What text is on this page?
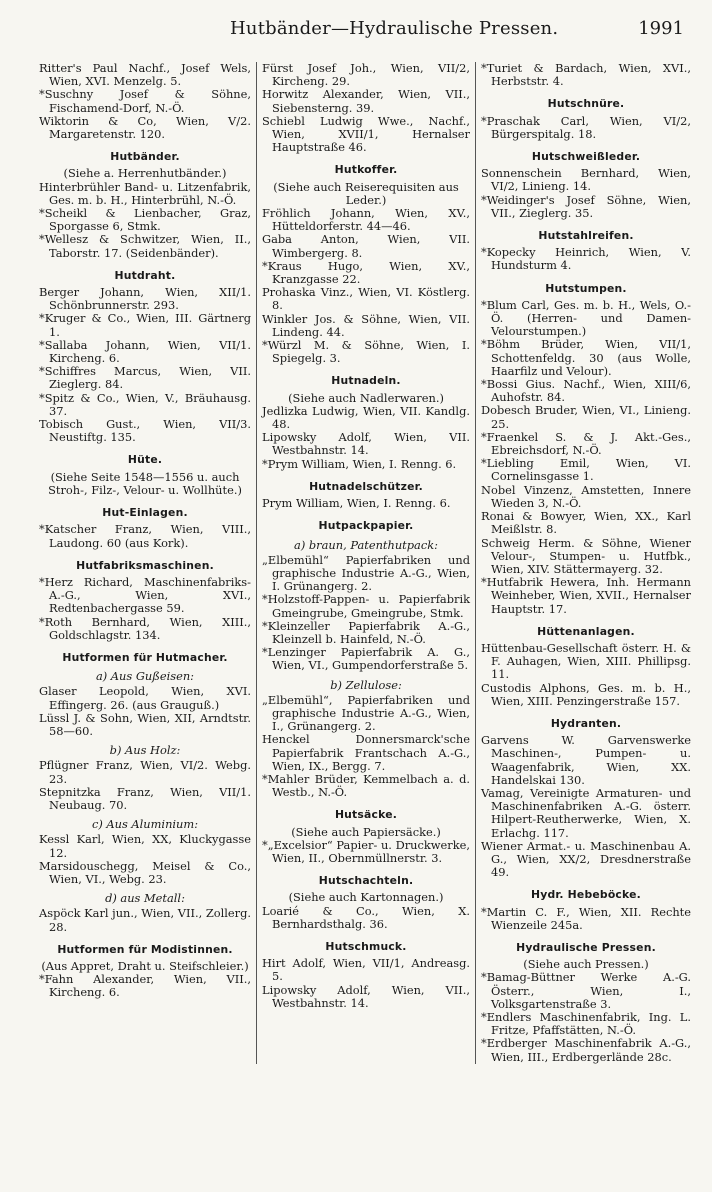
Hutbänder—Hydraulische Pressen.	1991
Ritter's Paul Nachf., Josef Wels, Wien, XVI. Menzelg. 5.
*Suschny Josef & Söhne, Fischamend-Dorf, N.-Ö.
Wiktorin & Co, Wien, V/2. Margaretenstr. 120.
Hutbänder.
(Siehe a. Herrenhutbänder.)
Hinterbrühler Band- u. Litzenfabrik, Ges. m. b. H., Hinterbrühl, N.-Ö.
*Scheikl & Lienbacher, Graz, Sporgasse 6, Stmk.
*Wellesz & Schwitzer, Wien, II., Taborstr. 17. (Seidenbänder).
Hutdraht.
Berger Johann, Wien, XII/1. Schönbrunnerstr. 293.
*Kruger & Co., Wien, III. Gärtnerg 1.
*Sallaba Johann, Wien, VII/1. Kircheng. 6.
*Schiffres Marcus, Wien, VII. Zieglerg. 84.
*Spitz & Co., Wien, V., Bräuhausg. 37.
Tobisch Gust., Wien, VII/3. Neustiftg. 135.
Hüte.
(Siehe Seite 1548—1556 u. auch Stroh-, Filz-, Velour- u. Wollhüte.)
Hut-Einlagen.
*Katscher Franz, Wien, VIII., Laudong. 60 (aus Kork).
Hutfabriksmaschinen.
*Herz Richard, Maschinenfabriks-A.-G., Wien, XVI., Redtenbachergasse 59.
*Roth Bernhard, Wien, XIII., Goldschlagstr. 134.
Hutformen für Hutmacher.
a) Aus Gußeisen:
Glaser Leopold, Wien, XVI. Effingerg. 26. (aus Grauguß.)
Lüssl J. & Sohn, Wien, XII, Arndtstr. 58—60.
b) Aus Holz:
Pflügner Franz, Wien, VI/2. Webg. 23.
Stepnitzka Franz, Wien, VII/1. Neubaug. 70.
c) Aus Aluminium:
Kessl Karl, Wien, XX, Kluckygasse 12.
Marsidouschegg, Meisel & Co., Wien, VI., Webg. 23.
d) aus Metall:
Aspöck Karl jun., Wien, VII., Zollerg. 28.
Hutformen für Modistinnen.
(Aus Appret, Draht u. Steifschleier.)
*Fahn Alexander, Wien, VII., Kircheng. 6.
Fürst Josef Joh., Wien, VII/2, Kircheng. 29.
Horwitz Alexander, Wien, VII., Siebensterng. 39.
Schiebl Ludwig Wwe., Nachf., Wien, XVII/1, Hernalser Hauptstraße 46.
Hutkoffer.
(Siehe auch Reiserequisiten aus Leder.)
Fröhlich Johann, Wien, XV., Hütteldorferstr. 44—46.
Gaba Anton, Wien, VII. Wimbergerg. 8.
*Kraus Hugo, Wien, XV., Kranzgasse 22.
Prohaska Vinz., Wien, VI. Köstlerg. 8.
Winkler Jos. & Söhne, Wien, VII. Lindeng. 44.
*Würzl M. & Söhne, Wien, I. Spiegelg. 3.
Hutnadeln.
(Siehe auch Nadlerwaren.)
Jedlizka Ludwig, Wien, VII. Kandlg. 48.
Lipowsky Adolf, Wien, VII. Westbahnstr. 14.
*Prym William, Wien, I. Renng. 6.
Hutnadelschützer.
Prym William, Wien, I. Renng. 6.
Hutpackpapier.
a) braun, Patenthutpack:
„Elbemühl“ Papierfabriken und graphische Industrie A.-G., Wien, I. Grünangerg. 2.
*Holzstoff-Pappen- u. Papierfabrik Gmeingrube, Gmeingrube, Stmk.
*Kleinzeller Papierfabrik A.-G., Kleinzell b. Hainfeld, N.-Ö.
*Lenzinger Papierfabrik A. G., Wien, VI., Gumpendorferstraße 5.
b) Zellulose:
„Elbemühl“, Papierfabriken und graphische Industrie A.-G., Wien, I., Grünangerg. 2.
Henckel Donnersmarck'sche Papierfabrik Frantschach A.-G., Wien, IX., Bergg. 7.
*Mahler Brüder, Kemmelbach a. d. Westb., N.-Ö.
Hutsäcke.
(Siehe auch Papiersäcke.)
*„Excelsior“ Papier- u. Druckwerke, Wien, II., Obernmüllnerstr. 3.
Hutschachteln.
(Siehe auch Kartonnagen.)
Loarié & Co., Wien, X. Bernhardsthalg. 36.
Hutschmuck.
Hirt Adolf, Wien, VII/1, Andreasg. 5.
Lipowsky Adolf, Wien, VII., Westbahnstr. 14.
*Turiet & Bardach, Wien, XVI., Herbststr. 4.
Hutschnüre.
*Praschak Carl, Wien, VI/2, Bürgerspitalg. 18.
Hutschweißleder.
Sonnenschein Bernhard, Wien, VI/2, Linieng. 14.
*Weidinger's Josef Söhne, Wien, VII., Zieglerg. 35.
Hutstahlreifen.
*Kopecky Heinrich, Wien, V. Hundsturm 4.
Hutstumpen.
*Blum Carl, Ges. m. b. H., Wels, O.-Ö. (Herren- und Damen-Velourstumpen.)
*Böhm Brüder, Wien, VII/1, Schottenfeldg. 30 (aus Wolle, Haarfilz und Velour).
*Bossi Gius. Nachf., Wien, XIII/6, Auhofstr. 84.
Dobesch Bruder, Wien, VI., Linieng. 25.
*Fraenkel S. & J. Akt.-Ges., Ebreichsdorf, N.-Ö.
*Liebling Emil, Wien, VI. Cornelinsgasse 1.
Nobel Vinzenz, Amstetten, Innere Wieden 3, N.-Ö.
Ronai & Bowyer, Wien, XX., Karl Meißlstr. 8.
Schweig Herm. & Söhne, Wiener Velour-, Stumpen- u. Hutfbk., Wien, XIV. Stättermayerg. 32.
*Hutfabrik Hewera, Inh. Hermann Weinheber, Wien, XVII., Hernalser Hauptstr. 17.
Hüttenanlagen.
Hüttenbau-Gesellschaft österr. H. & F. Auhagen, Wien, XIII. Phillipsg. 11.
Custodis Alphons, Ges. m. b. H., Wien, XIII. Penzingerstraße 157.
Hydranten.
Garvens W. Garvenswerke Maschinen-, Pumpen- u. Waagenfabrik, Wien, XX. Handelskai 130.
Vamag, Vereinigte Armaturen- und Maschinenfabriken A.-G. österr. Hilpert-Reutherwerke, Wien, X. Erlachg. 117.
Wiener Armat.- u. Maschinenbau A. G., Wien, XX/2, Dresdnerstraße 49.
Hydr. Hebeböcke.
*Martin C. F., Wien, XII. Rechte Wienzeile 245a.
Hydraulische Pressen.
(Siehe auch Pressen.)
*Bamag-Büttner Werke A.-G. Österr., Wien, I., Volksgartenstraße 3.
*Endlers Maschinenfabrik, Ing. L. Fritze, Pfaffstätten, N.-Ö.
*Erdberger Maschinenfabrik A.-G., Wien, III., Erdbergerlände 28c.
